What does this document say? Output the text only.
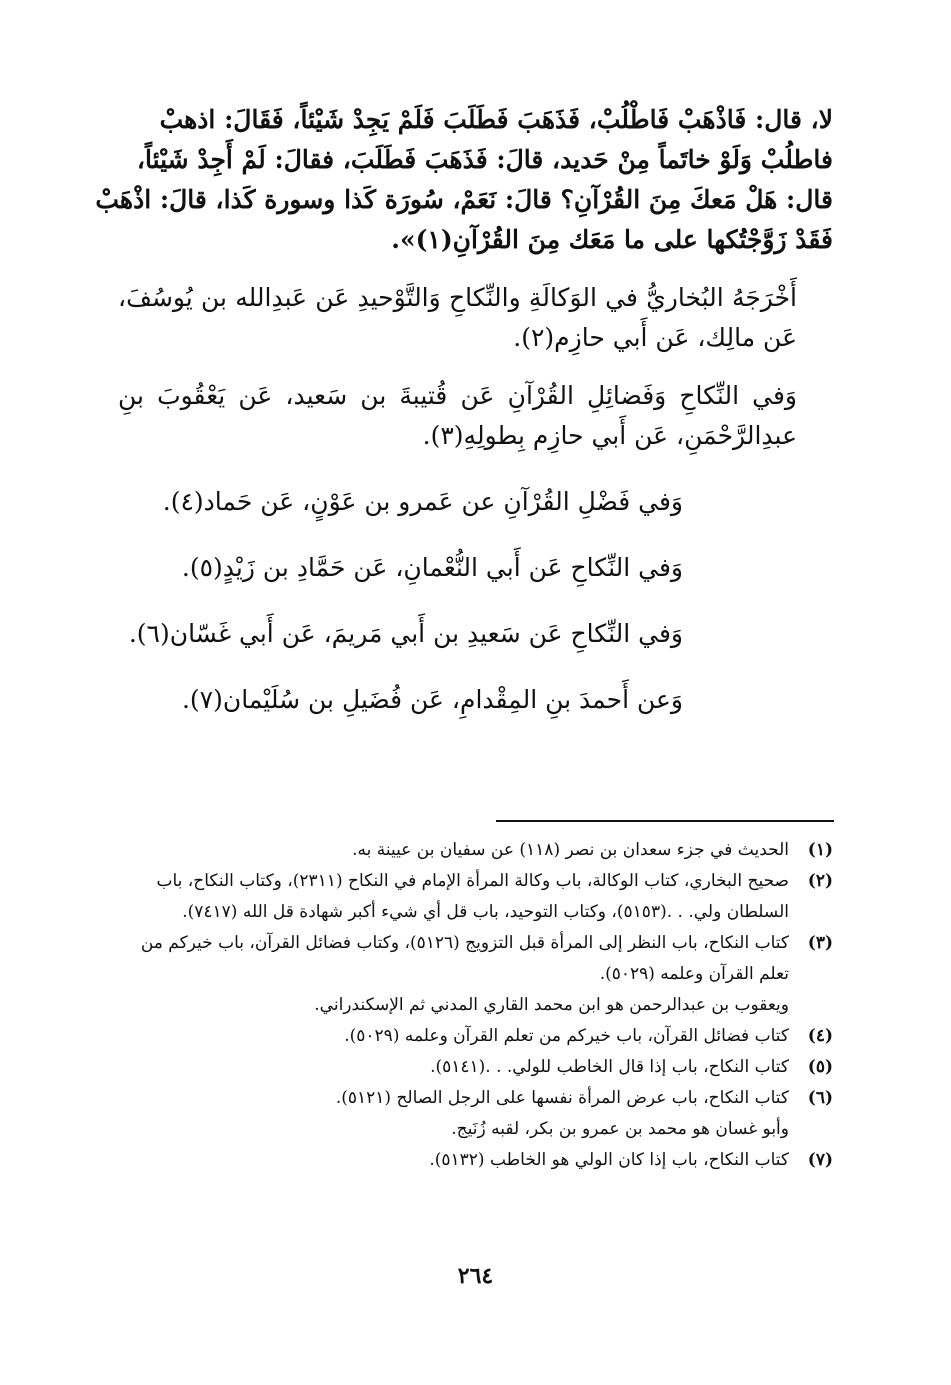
لا، قال: فَاذْهَبْ فَاطْلُبْ، فَذَهَبَ فَطَلَبَ فَلَمْ يَجِدْ شَيْئاً، فَقَالَ: اذهبْ
فاطلُبْ وَلَوْ خاتَماً مِنْ حَديد، قالَ: فَذَهَبَ فَطَلَبَ، فقالَ: لَمْ أَجِدْ شَيْئاً،
قال: هَلْ مَعكَ مِنَ القُرْآنِ؟ قالَ: نَعَمْ، سُورَة كَذا وسورة كَذا، قالَ: اذْهَبْ
فَقَدْ زَوَّجْتُكها على ما مَعَك مِنَ القُرْآنِ(١)».
أَخْرَجَهُ البُخاريُّ في الوَكالَةِ والنِّكاحِ وَالتَّوْحيدِ عَن عَبدِالله بن يُوسُفَ، عَن مالِك، عَن أَبي حازِم(٢).
وَفي النِّكاحِ وَفَضائِلِ القُرْآنِ عَن قُتيبةَ بن سَعيد، عَن يَعْقُوبَ بنِ عبدِالرَّحْمَنِ، عَن أَبي حازِم بِطولِهِ(٣).
وَفي فَضْلِ القُرْآنِ عن عَمرو بن عَوْنٍ، عَن حَماد(٤).
وَفي النِّكاحِ عَن أَبي النُّعْمانِ، عَن حَمَّادِ بن زَيْدٍ(٥).
وَفي النِّكاحِ عَن سَعيدِ بن أَبي مَريمَ، عَن أَبي غَسّان(٦).
وَعن أَحمدَ بنِ المِقْدامِ، عَن فُضَيلِ بن سُلَيْمان(٧).
(١)
الحديث في جزء سعدان بن نصر (١١٨) عن سفيان بن عيينة به.
(٢)
صحيح البخاري، كتاب الوكالة، باب وكالة المرأة الإمام في النكاح (٢٣١١)، وكتاب النكاح، باب السلطان ولي. . .(٥١٥٣)، وكتاب التوحيد، باب قل أي شيء أكبر شهادة قل الله (٧٤١٧).
(٣)
كتاب النكاح، باب النظر إلى المرأة قبل التزويج (٥١٢٦)، وكتاب فضائل القرآن، باب خيركم من تعلم القرآن وعلمه (٥٠٢٩).
ويعقوب بن عبدالرحمن هو ابن محمد القاري المدني ثم الإسكندراني.
(٤)
كتاب فضائل القرآن، باب خيركم من تعلم القرآن وعلمه (٥٠٢٩).
(٥)
كتاب النكاح، باب إذا قال الخاطب للولي. . .(٥١٤١).
(٦)
كتاب النكاح، باب عرض المرأة نفسها على الرجل الصالح (٥١٢١).
وأبو غسان هو محمد بن عمرو بن بكر، لقبه زُنَيج.
(٧)
كتاب النكاح، باب إذا كان الولي هو الخاطب (٥١٣٢).
٢٦٤
